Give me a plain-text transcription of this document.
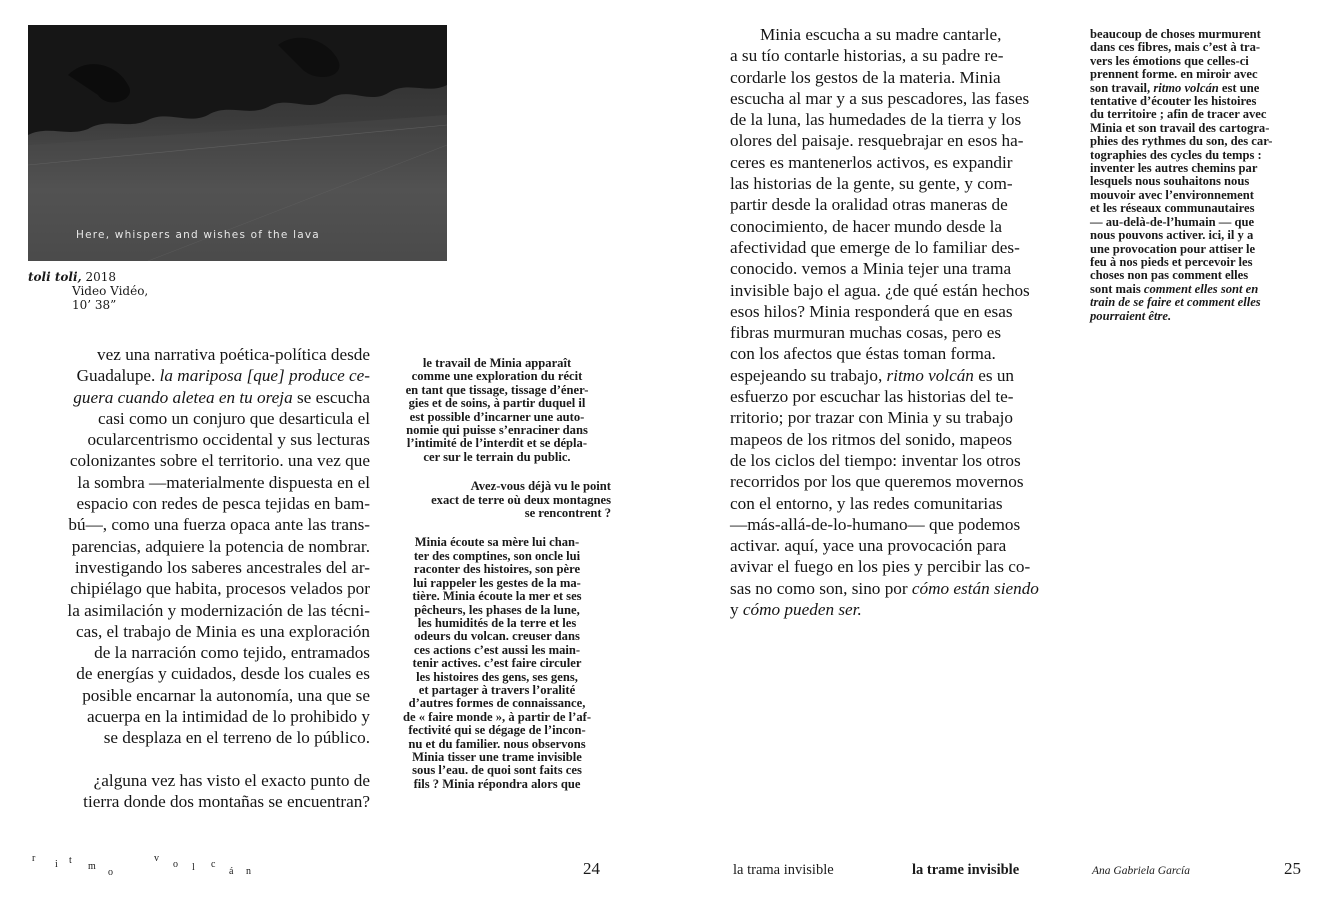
Here, whispers and wishes of the lava
toli toli, 2018
Video Vidéo,
10’ 38”

vez una narrativa poética-política desde
Guadalupe. la mariposa [que] produce ce-
guera cuando aletea en tu oreja se escucha
casi como un conjuro que desarticula el
ocularcentrismo occidental y sus lecturas
colonizantes sobre el territorio. una vez que
la sombra —materialmente dispuesta en el
espacio con redes de pesca tejidas en bam-
bú—, como una fuerza opaca ante las trans-
parencias, adquiere la potencia de nombrar.
investigando los saberes ancestrales del ar-
chipiélago que habita, procesos velados por
la asimilación y modernización de las técni-
cas, el trabajo de Minia es una exploración
de la narración como tejido, entramados
de energías y cuidados, desde los cuales es
posible encarnar la autonomía, una que se
acuerpa en la intimidad de lo prohibido y
se desplaza en el terreno de lo público.

¿alguna vez has visto el exacto punto de
tierra donde dos montañas se encuentran?

le travail de Minia apparaît
comme une exploration du récit
en tant que tissage, tissage d’éner-
gies et de soins, à partir duquel il
est possible d’incarner une auto-
nomie qui puisse s’enraciner dans
l’intimité de l’interdit et se dépla-
cer sur le terrain du public.

Avez-vous déjà vu le point
exact de terre où deux montagnes
se rencontrent ?

Minia écoute sa mère lui chan-
ter des comptines, son oncle lui
raconter des histoires, son père
lui rappeler les gestes de la ma-
tière. Minia écoute la mer et ses
pêcheurs, les phases de la lune,
les humidités de la terre et les
odeurs du volcan. creuser dans
ces actions c’est aussi les main-
tenir actives. c’est faire circuler
les histoires des gens, ses gens,
et partager à travers l’oralité
d’autres formes de connaissance,
de « faire monde », à partir de l’af-
fectivité qui se dégage de l’incon-
nu et du familier. nous observons
Minia tisser une trame invisible
sous l’eau. de quoi sont faits ces
fils ? Minia répondra alors que

r
i t
m
o
v
o l c
á n	24

Minia escucha a su madre cantarle,
a su tío contarle historias, a su padre re-
cordarle los gestos de la materia. Minia
escucha al mar y a sus pescadores, las fases
de la luna, las humedades de la tierra y los
olores del paisaje. resquebrajar en esos ha-
ceres es mantenerlos activos, es expandir
las historias de la gente, su gente, y com-
partir desde la oralidad otras maneras de
conocimiento, de hacer mundo desde la
afectividad que emerge de lo familiar des-
conocido. vemos a Minia tejer una trama
invisible bajo el agua. ¿de qué están hechos
esos hilos? Minia responderá que en esas
fibras murmuran muchas cosas, pero es
con los afectos que éstas toman forma.
espejeando su trabajo, ritmo volcán es un
esfuerzo por escuchar las historias del te-
rritorio; por trazar con Minia y su trabajo
mapeos de los ritmos del sonido, mapeos
de los ciclos del tiempo: inventar los otros
recorridos por los que queremos movernos
con el entorno, y las redes comunitarias
—más-allá-de-lo-humano— que podemos
activar. aquí, yace una provocación para
avivar el fuego en los pies y percibir las co-
sas no como son, sino por cómo están siendo
y cómo pueden ser.

beaucoup de choses murmurent
dans ces fibres, mais c’est à tra-
vers les émotions que celles-ci
prennent forme. en miroir avec
son travail, ritmo volcán est une
tentative d’écouter les histoires
du territoire ; afin de tracer avec
Minia et son travail des cartogra-
phies des rythmes du son, des car-
tographies des cycles du temps :
inventer les autres chemins par
lesquels nous souhaitons nous
mouvoir avec l’environnement
et les réseaux communautaires
— au-delà-de-l’humain — que
nous pouvons activer. ici, il y a
une provocation pour attiser le
feu à nos pieds et percevoir les
choses non pas comment elles
sont mais comment elles sont en
train de se faire et comment elles
pourraient être.

la trama invisible	la trame invisible	Ana Gabriela García	25
